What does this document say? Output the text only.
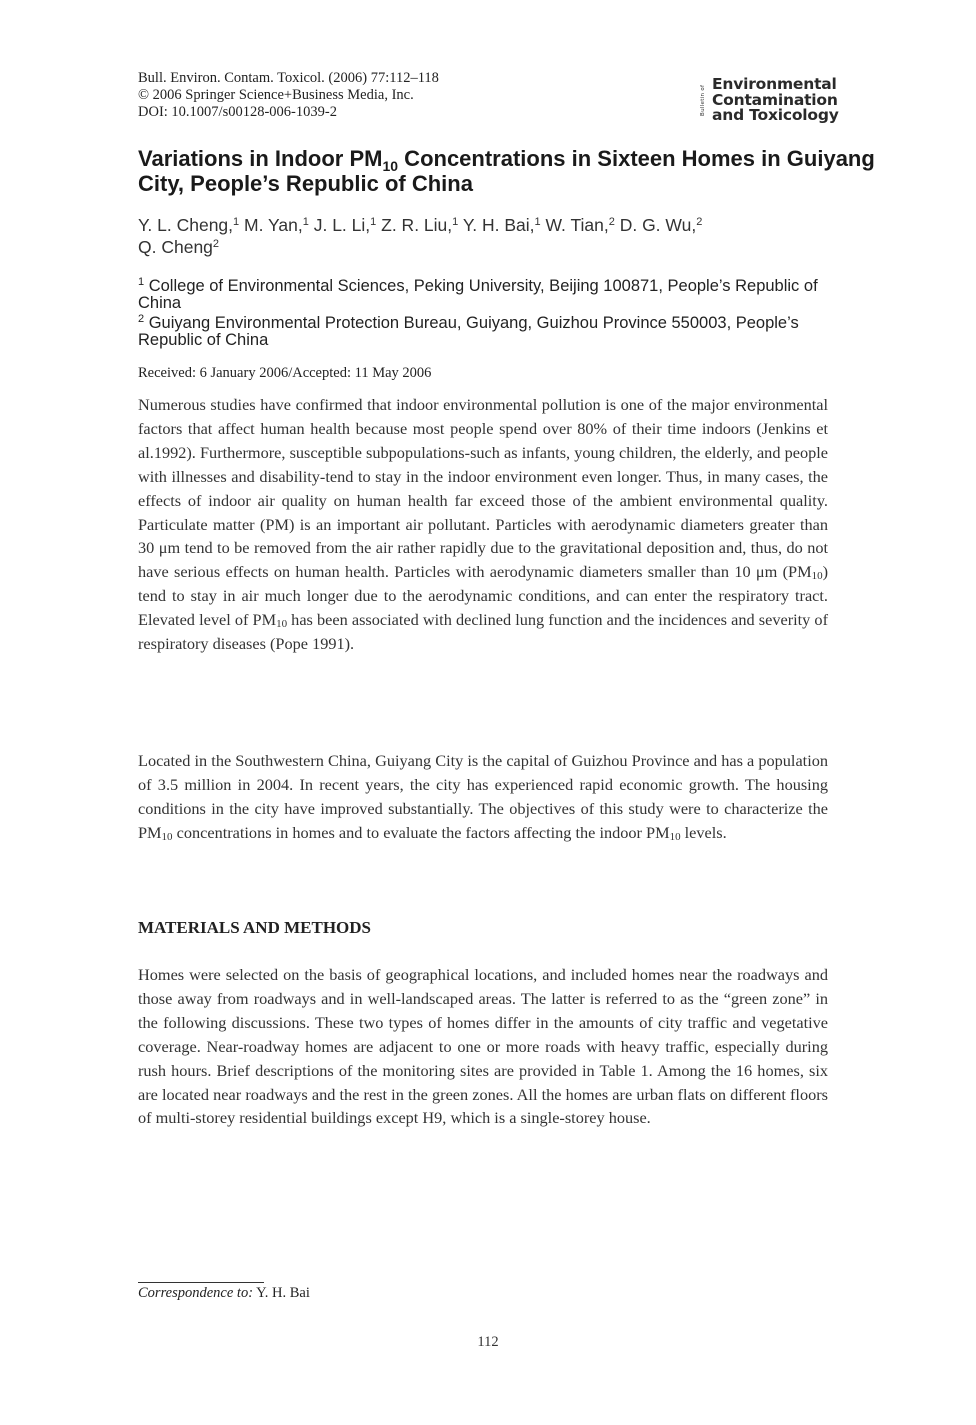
Bull. Environ. Contam. Toxicol. (2006) 77:112–118
© 2006 Springer Science+Business Media, Inc.
DOI: 10.1007/s00128-006-1039-2	Bulletin of
Environmental
Contamination
and Toxicology
Variations in Indoor $PM_{10}$ Concentrations in Sixteen Homes in Guiyang City, People’s Republic of China
Y. L. Cheng,$^1$ M. Yan,$^1$ J. L. Li,$^1$ Z. R. Liu,$^1$ Y. H. Bai,$^1$ W. Tian,$^2$ D. G. Wu,$^2$
Q. Cheng$^2$
$^1$ College of Environmental Sciences, Peking University, Beijing 100871, People’s Republic of China
$^2$ Guiyang Environmental Protection Bureau, Guiyang, Guizhou Province 550003, People’s Republic of China
Received: 6 January 2006/Accepted: 11 May 2006
Numerous studies have confirmed that indoor environmental pollution is one of the major environmental factors that affect human health because most people spend over 80% of their time indoors (Jenkins et al.1992). Furthermore, susceptible subpopulations-such as infants, young children, the elderly, and people with illnesses and disability-tend to stay in the indoor environment even longer. Thus, in many cases, the effects of indoor air quality on human health far exceed those of the ambient environmental quality. Particulate matter (PM) is an important air pollutant. Particles with aerodynamic diameters greater than 30 μm tend to be removed from the air rather rapidly due to the gravitational deposition and, thus, do not have serious effects on human health. Particles with aerodynamic diameters smaller than 10 μm (PM10) tend to stay in air much longer due to the aerodynamic conditions, and can enter the respiratory tract. Elevated level of PM10 has been associated with declined lung function and the incidences and severity of respiratory diseases (Pope 1991).
Located in the Southwestern China, Guiyang City is the capital of Guizhou Province and has a population of 3.5 million in 2004. In recent years, the city has experienced rapid economic growth. The housing conditions in the city have improved substantially. The objectives of this study were to characterize the PM10 concentrations in homes and to evaluate the factors affecting the indoor PM10 levels.
MATERIALS AND METHODS
Homes were selected on the basis of geographical locations, and included homes near the roadways and those away from roadways and in well-landscaped areas. The latter is referred to as the “green zone” in the following discussions. These two types of homes differ in the amounts of city traffic and vegetative coverage. Near-roadway homes are adjacent to one or more roads with heavy traffic, especially during rush hours. Brief descriptions of the monitoring sites are provided in Table 1. Among the 16 homes, six are located near roadways and the rest in the green zones. All the homes are urban flats on different floors of multi-storey residential buildings except H9, which is a single-storey house.
Correspondence to: Y. H. Bai
112
